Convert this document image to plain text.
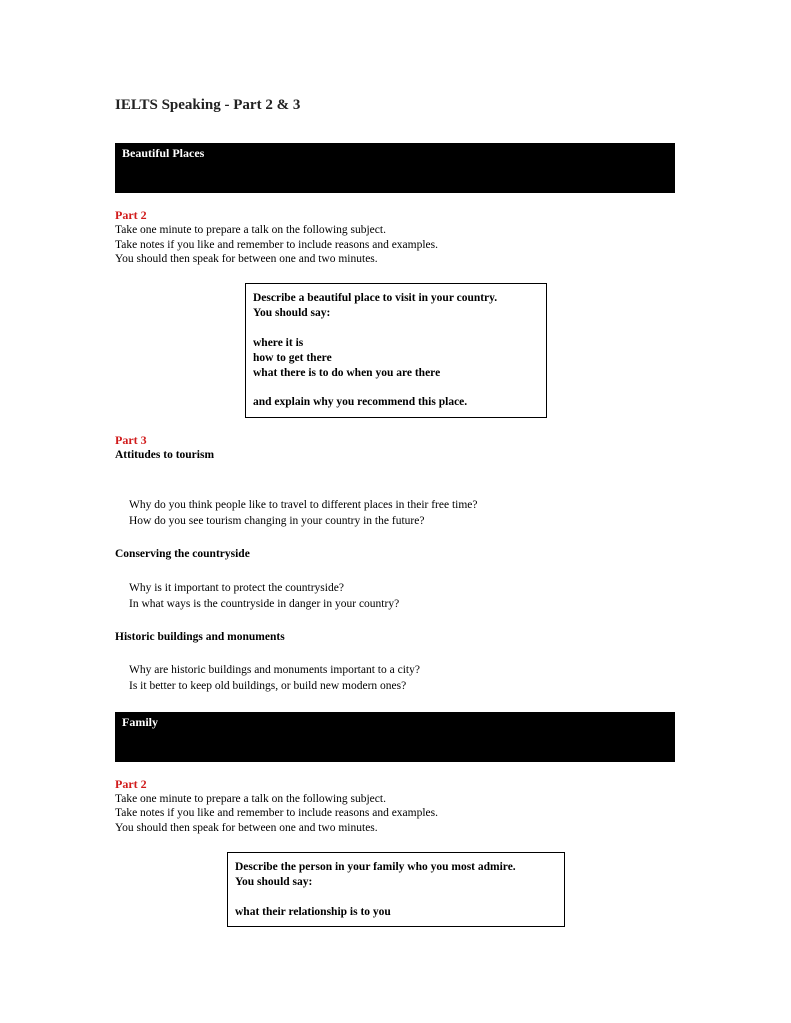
IELTS Speaking - Part 2 & 3
Beautiful Places
Part 2
Take one minute to prepare a talk on the following subject.
Take notes if you like and remember to include reasons and examples.
You should then speak for between one and two minutes.
Describe a beautiful place to visit in your country.
You should say:
where it is
how to get there
what there is to do when you are there
and explain why you recommend this place.
Part 3
Attitudes to tourism
Why do you think people like to travel to different places in their free time?
How do you see tourism changing in your country in the future?
Conserving the countryside
Why is it important to protect the countryside?
In what ways is the countryside in danger in your country?
Historic buildings and monuments
Why are historic buildings and monuments important to a city?
Is it better to keep old buildings, or build new modern ones?
Family
Part 2
Take one minute to prepare a talk on the following subject.
Take notes if you like and remember to include reasons and examples.
You should then speak for between one and two minutes.
Describe the person in your family who you most admire.
You should say:
what their relationship is to you
